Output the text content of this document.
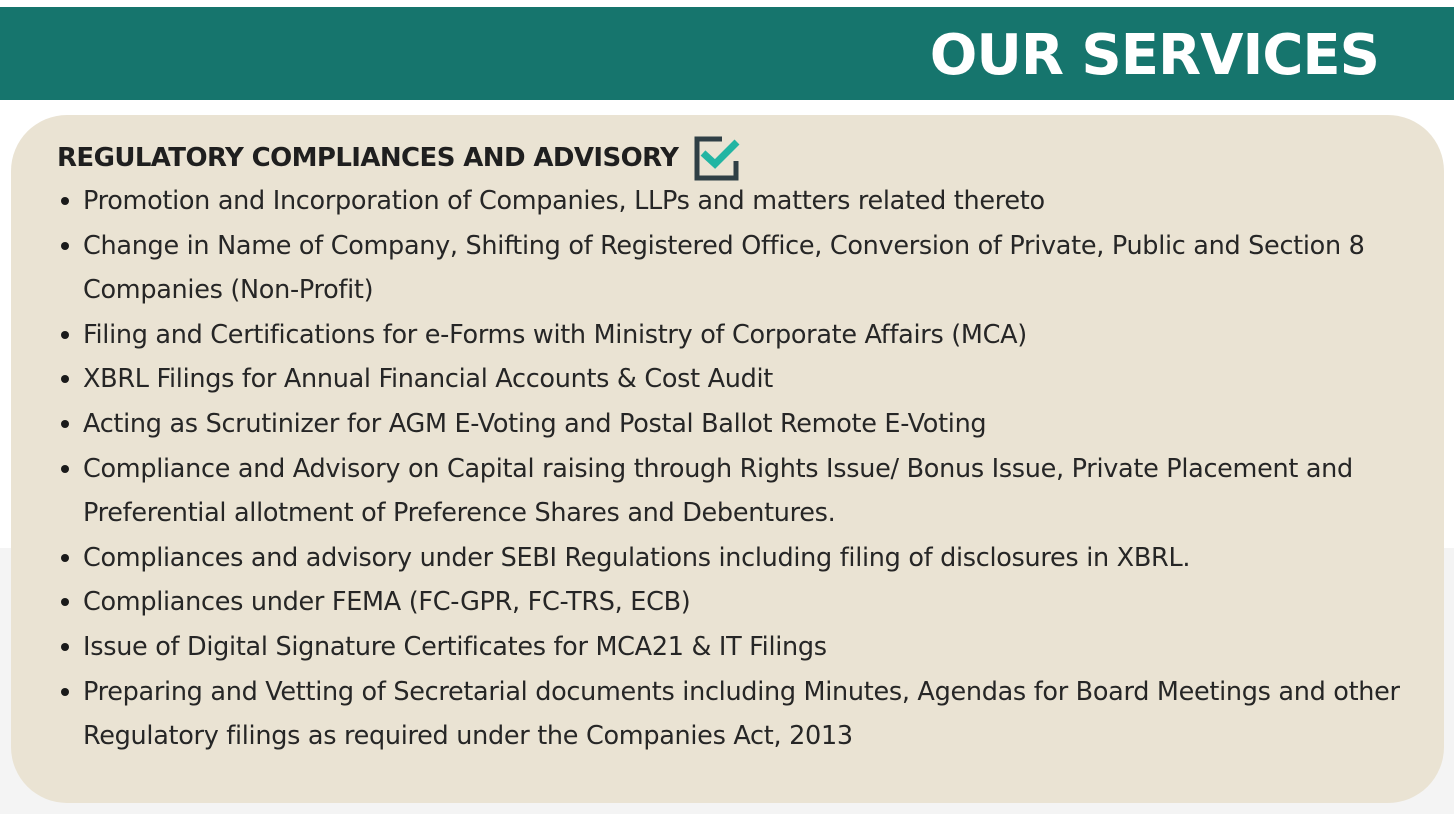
OUR SERVICES
REGULATORY COMPLIANCES AND ADVISORY
Promotion and Incorporation of Companies, LLPs and matters related thereto
Change in Name of Company, Shifting of Registered Office, Conversion of Private, Public and Section 8 Companies (Non-Profit)
Filing and Certifications for e-Forms with Ministry of Corporate Affairs (MCA)
XBRL Filings for Annual Financial Accounts & Cost Audit
Acting as Scrutinizer for AGM E-Voting and Postal Ballot Remote E-Voting
Compliance and Advisory on Capital raising through Rights Issue/ Bonus Issue, Private Placement and Preferential allotment of Preference Shares and Debentures.
Compliances and advisory under SEBI Regulations including filing of disclosures in XBRL.
Compliances under FEMA (FC-GPR, FC-TRS, ECB)
Issue of Digital Signature Certificates for MCA21 & IT Filings
Preparing and Vetting of Secretarial documents including Minutes, Agendas for Board Meetings and other Regulatory filings as required under the Companies Act, 2013
